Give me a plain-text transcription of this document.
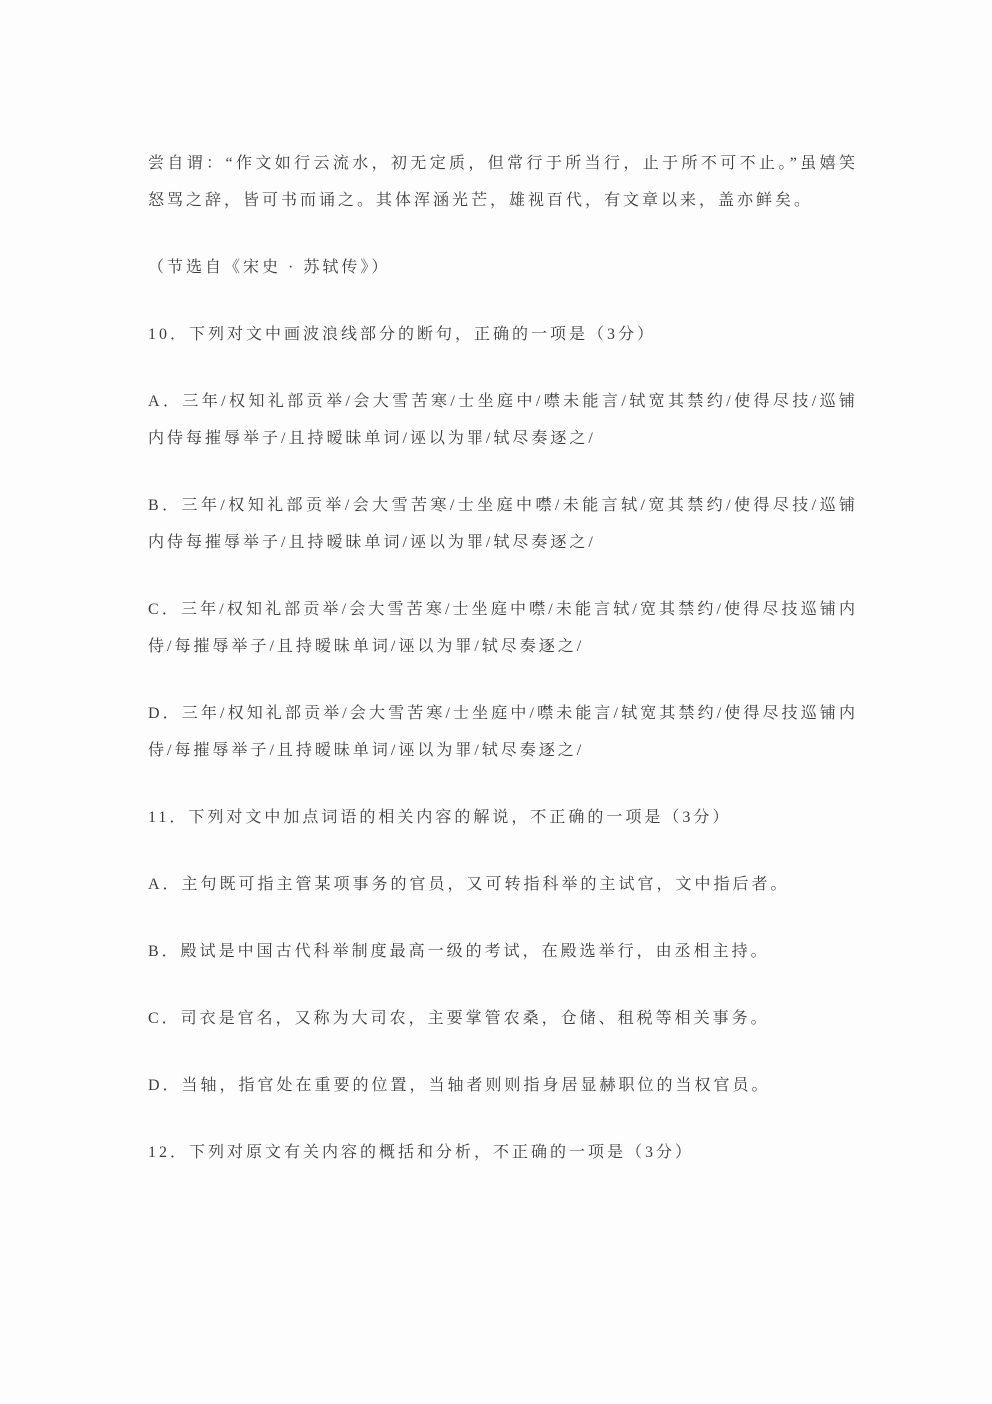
尝自谓：“作文如行云流水，初无定质，但常行于所当行，止于所不可不止。”虽嬉笑怒骂之辞，皆可书而诵之。其体浑涵光芒，雄视百代，有文章以来，盖亦鲜矣。

（节选自《宋史 · 苏轼传》）

10．下列对文中画波浪线部分的断句，正确的一项是（3分）

A．三年/权知礼部贡举/会大雪苦寒/士坐庭中/噤未能言/轼宽其禁约/使得尽技/巡铺内侍每摧辱举子/且持暧昧单词/诬以为罪/轼尽奏逐之/

B．三年/权知礼部贡举/会大雪苦寒/士坐庭中噤/未能言轼/宽其禁约/使得尽技/巡铺内侍每摧辱举子/且持暧昧单词/诬以为罪/轼尽奏逐之/

C．三年/权知礼部贡举/会大雪苦寒/士坐庭中噤/未能言轼/宽其禁约/使得尽技巡铺内侍/每摧辱举子/且持暧昧单词/诬以为罪/轼尽奏逐之/

D．三年/权知礼部贡举/会大雪苦寒/士坐庭中/噤未能言/轼宽其禁约/使得尽技巡铺内侍/每摧辱举子/且持暧昧单词/诬以为罪/轼尽奏逐之/

11．下列对文中加点词语的相关内容的解说，不正确的一项是（3分）

A．主句既可指主管某项事务的官员，又可转指科举的主试官，文中指后者。

B．殿试是中国古代科举制度最高一级的考试，在殿选举行，由丞相主持。

C．司衣是官名，又称为大司农，主要掌管农桑，仓储、租税等相关事务。

D．当轴，指官处在重要的位置，当轴者则则指身居显赫职位的当权官员。

12．下列对原文有关内容的概括和分析，不正确的一项是（3分）
